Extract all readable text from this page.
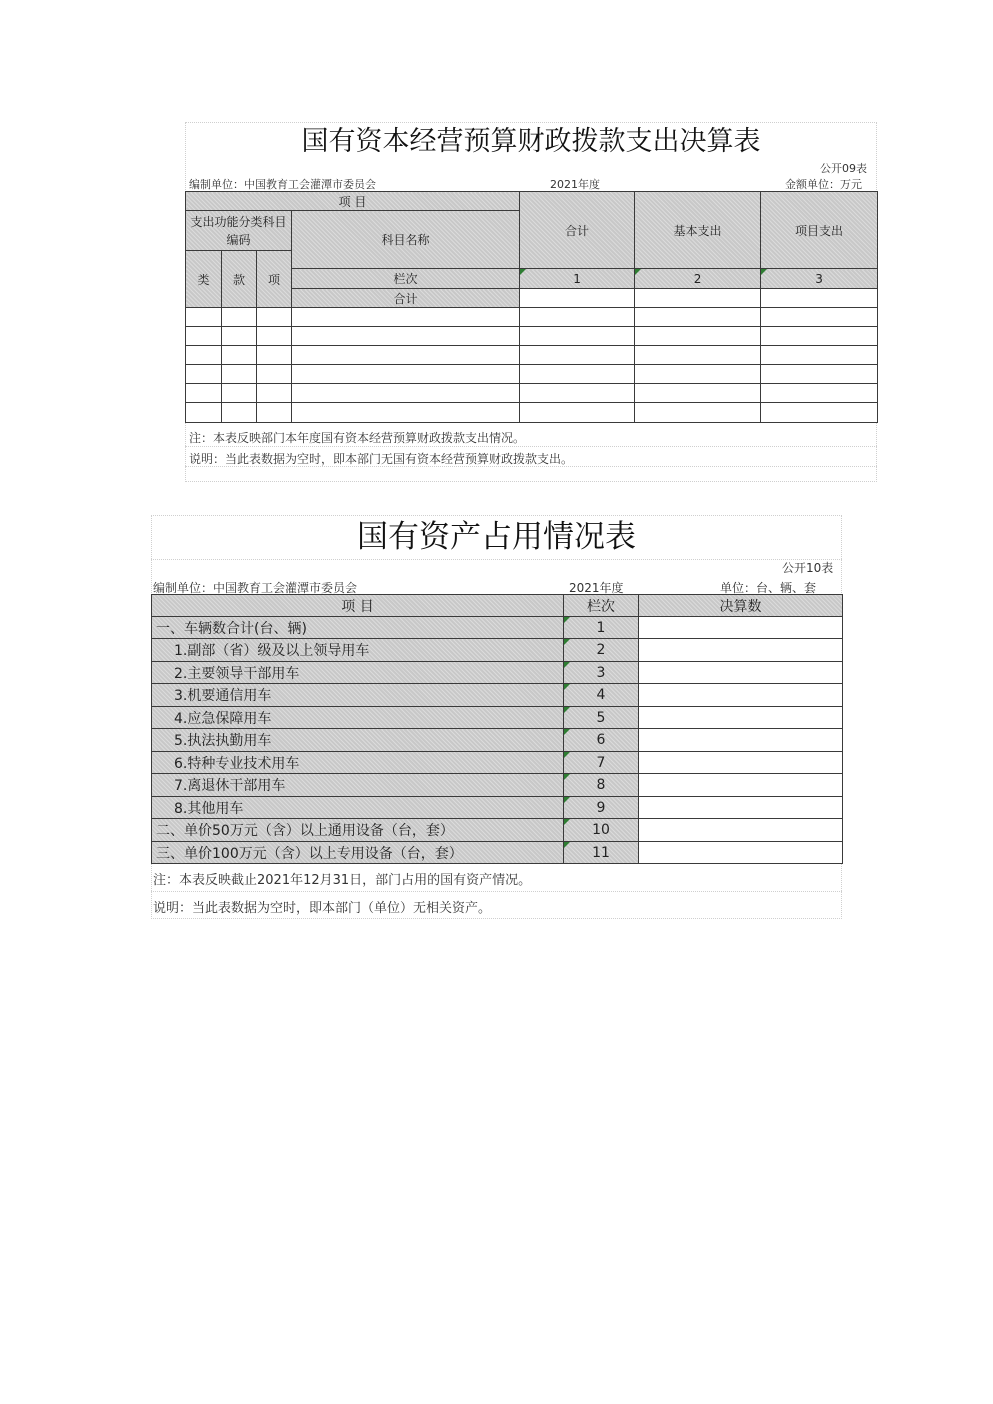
国有资本经营预算财政拨款支出决算表
公开09表
编制单位：中国教育工会灌潭市委员会	2021年度	金额单位：万元
项 目				合计	基本支出	项目支出
支出功能分类科目编码			科目名称			
类	款	项				
			栏次	1	2	3
			合计			

注：本表反映部门本年度国有资本经营预算财政拨款支出情况。
说明：当此表数据为空时，即本部门无国有资本经营预算财政拨款支出。
国有资产占用情况表
公开10表
编制单位：中国教育工会灌潭市委员会	2021年度	单位：台、辆、套
项 目	栏次	决算数
一、车辆数合计(台、辆)	1	
1.副部（省）级及以上领导用车	2	
2.主要领导干部用车	3	
3.机要通信用车	4	
4.应急保障用车	5	
5.执法执勤用车	6	
6.特种专业技术用车	7	
7.离退休干部用车	8	
8.其他用车	9	
二、单价50万元（含）以上通用设备（台，套）	10	
三、单价100万元（含）以上专用设备（台，套）	11	
注：本表反映截止2021年12月31日，部门占用的国有资产情况。
说明：当此表数据为空时，即本部门（单位）无相关资产。
